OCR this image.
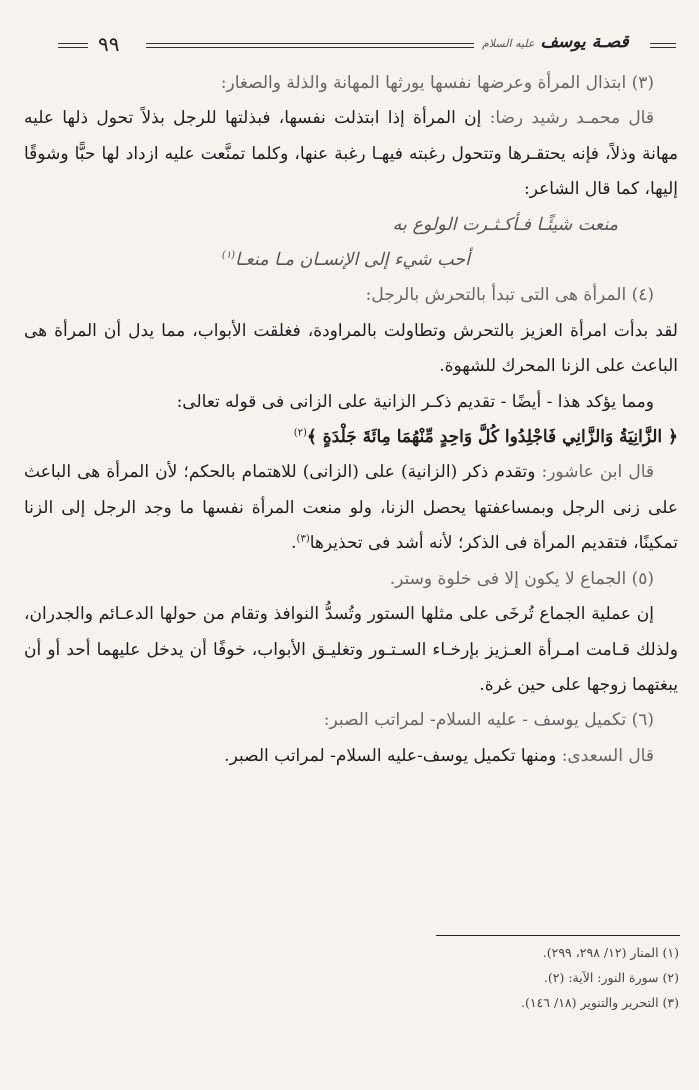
٩٩	قصـة يوسف عليه السلام

(٣) ابتذال المرأة وعرضها نفسها يورثها المهانة والذلة والصغار:

قال محمـد رشيد رضا: إن المرأة إذا ابتذلت نفسها، فبذلتها للرجل بذلاً تحول ذلها عليه مهانة وذلاً، فإنه يحتقـرها وتتحول رغبته فيهـا رغبة عنها، وكلما تمنَّعت عليه ازداد لها حبًّا وشوقًا إليها، كما قال الشاعر:

منعت شيئًـا فـأكـثـرت الولوع به

أحب شيء إلى الإنسـان مـا منعـا$^{(١)}$

(٤) المرأة هى التى تبدأ بالتحرش بالرجل:

لقد بدأت امرأة العزيز بالتحرش وتطاولت بالمراودة، فغلقت الأبواب، مما يدل أن المرأة هى الباعث على الزنا المحرك للشهوة.

ومما يؤكد هذا - أيضًا - تقديم ذكـر الزانية على الزانى فى قوله تعالى:

﴿ الزَّانِيَةُ وَالزَّانِي فَاجْلِدُوا كُلَّ وَاحِدٍ مِّنْهُمَا مِائَةَ جَلْدَةٍ ﴾$^{(٢)}$

قال ابن عاشور: وتقدم ذكر (الزانية) على (الزانى) للاهتمام بالحكم؛ لأن المرأة هى الباعث على زنى الرجل وبمساعفتها يحصل الزنا، ولو منعت المرأة نفسها ما وجد الرجل إلى الزنا تمكينًا، فتقديم المرأة فى الذكر؛ لأنه أشد فى تحذيرها$^{(٣)}$.

(٥) الجماع لا يكون إلا فى خلوة وستر.

إن عملية الجماع تُرخَى على مثلها الستور وتُسدُّ النوافذ وتقام من حولها الدعـائم والجدران، ولذلك قـامت امـرأة العـزيز بإرخـاء السـتـور وتغليـق الأبواب، خوفًا أن يدخل عليهما أحد أو أن يبغتهما زوجها على حين غرة.

(٦) تكميل يوسف - عليه السلام- لمراتب الصبر:

قال السعدى: ومنها تكميل يوسف-عليه السلام- لمراتب الصبر.

(١) المنار (١٢/ ٢٩٨، ٢٩٩).

(٢) سورة النور: الآية: (٢).

(٣) التحرير والتنوير (١٨/ ١٤٦).
